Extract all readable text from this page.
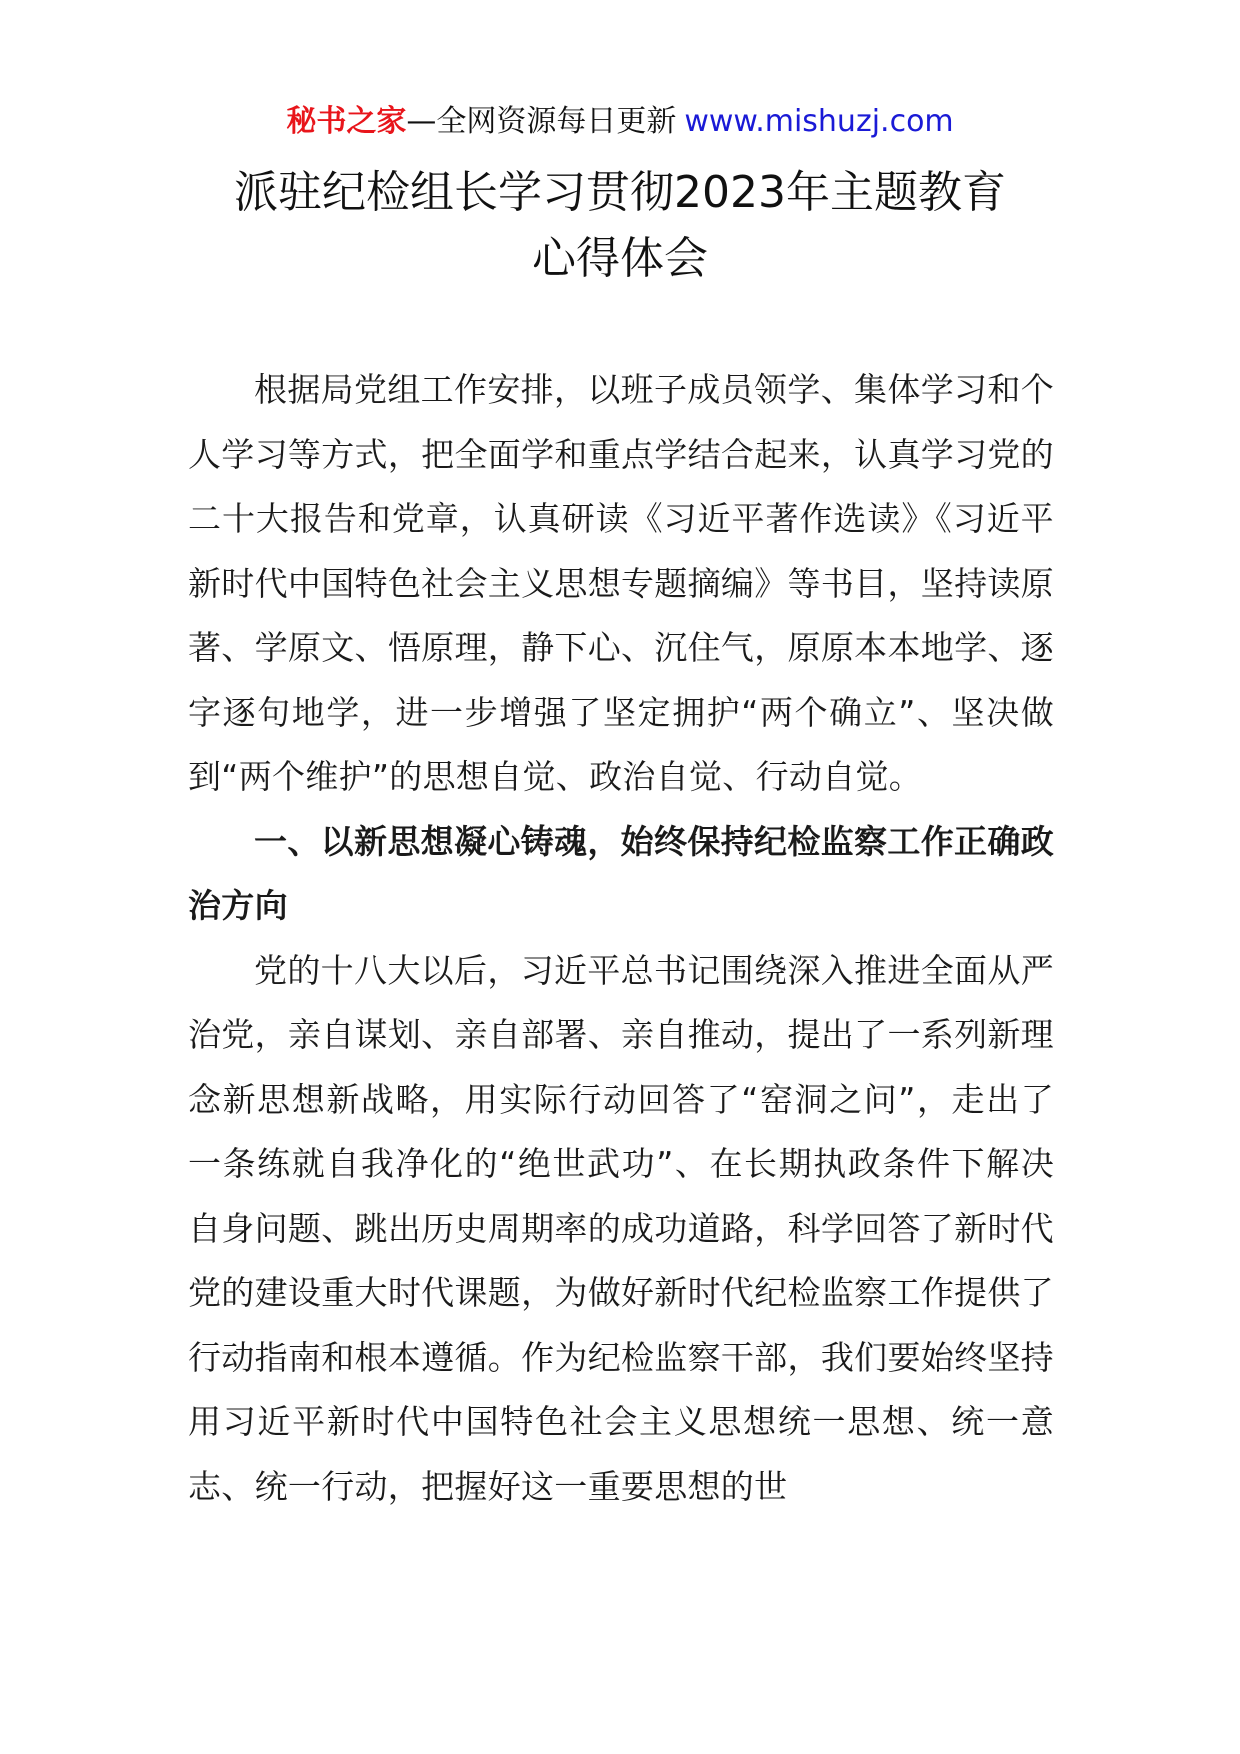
秘书之家—全网资源每日更新 www.mishuzj.com
派驻纪检组长学习贯彻2023年主题教育
心得体会

根据局党组工作安排，以班子成员领学、集体学习和个人学习等方式，把全面学和重点学结合起来，认真学习党的二十大报告和党章，认真研读《习近平著作选读》《习近平新时代中国特色社会主义思想专题摘编》等书目，坚持读原著、学原文、悟原理，静下心、沉住气，原原本本地学、逐字逐句地学，进一步增强了坚定拥护“两个确立”、坚决做到“两个维护”的思想自觉、政治自觉、行动自觉。

一、以新思想凝心铸魂，始终保持纪检监察工作正确政治方向

党的十八大以后，习近平总书记围绕深入推进全面从严治党，亲自谋划、亲自部署、亲自推动，提出了一系列新理念新思想新战略，用实际行动回答了“窑洞之问”，走出了一条练就自我净化的“绝世武功”、在长期执政条件下解决自身问题、跳出历史周期率的成功道路，科学回答了新时代党的建设重大时代课题，为做好新时代纪检监察工作提供了行动指南和根本遵循。作为纪检监察干部，我们要始终坚持用习近平新时代中国特色社会主义思想统一思想、统一意志、统一行动，把握好这一重要思想的世
